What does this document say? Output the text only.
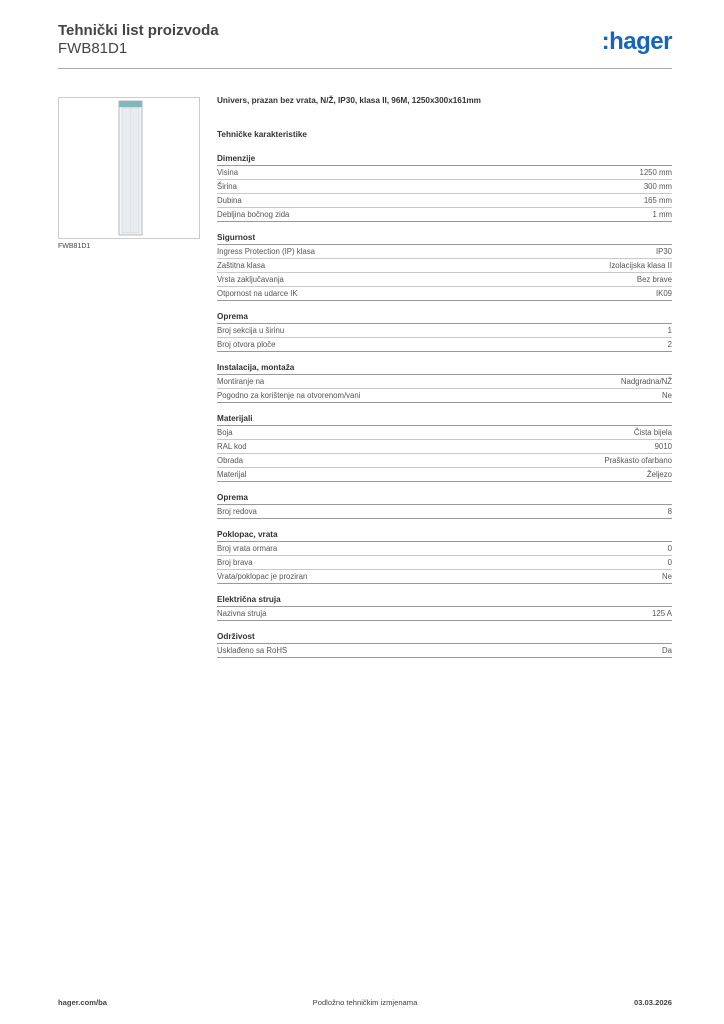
Tehnički list proizvoda
FWB81D1	:hager
FWB81D1
Univers, prazan bez vrata, N/Ž, IP30, klasa II, 96M, 1250x300x161mm
Tehničke karakteristike
Dimenzije
Visina	1250 mm
Širina	300 mm
Dubina	165 mm
Debljina bočnog zida	1 mm
Sigurnost
Ingress Protection (IP) klasa	IP30
Zaštitna klasa	Izolacijska klasa II
Vrsta zaključavanja	Bez brave
Otpornost na udarce IK	IK09
Oprema
Broj sekcija u širinu	1
Broj otvora ploče	2
Instalacija, montaža
Montiranje na	Nadgradna/NŽ
Pogodno za korištenje na otvorenom/vani	Ne
Materijali
Boja	Čista bijela
RAL kod	9010
Obrada	Praškasto ofarbano
Materijal	Željezo
Oprema
Broj redova	8
Poklopac, vrata
Broj vrata ormara	0
Broj brava	0
Vrata/poklopac je proziran	Ne
Električna struja
Nazivna struja	125 A
Održivost
Usklađeno sa RoHS	Da
hager.com/ba	Podložno tehničkim izmjenama	03.03.2026
